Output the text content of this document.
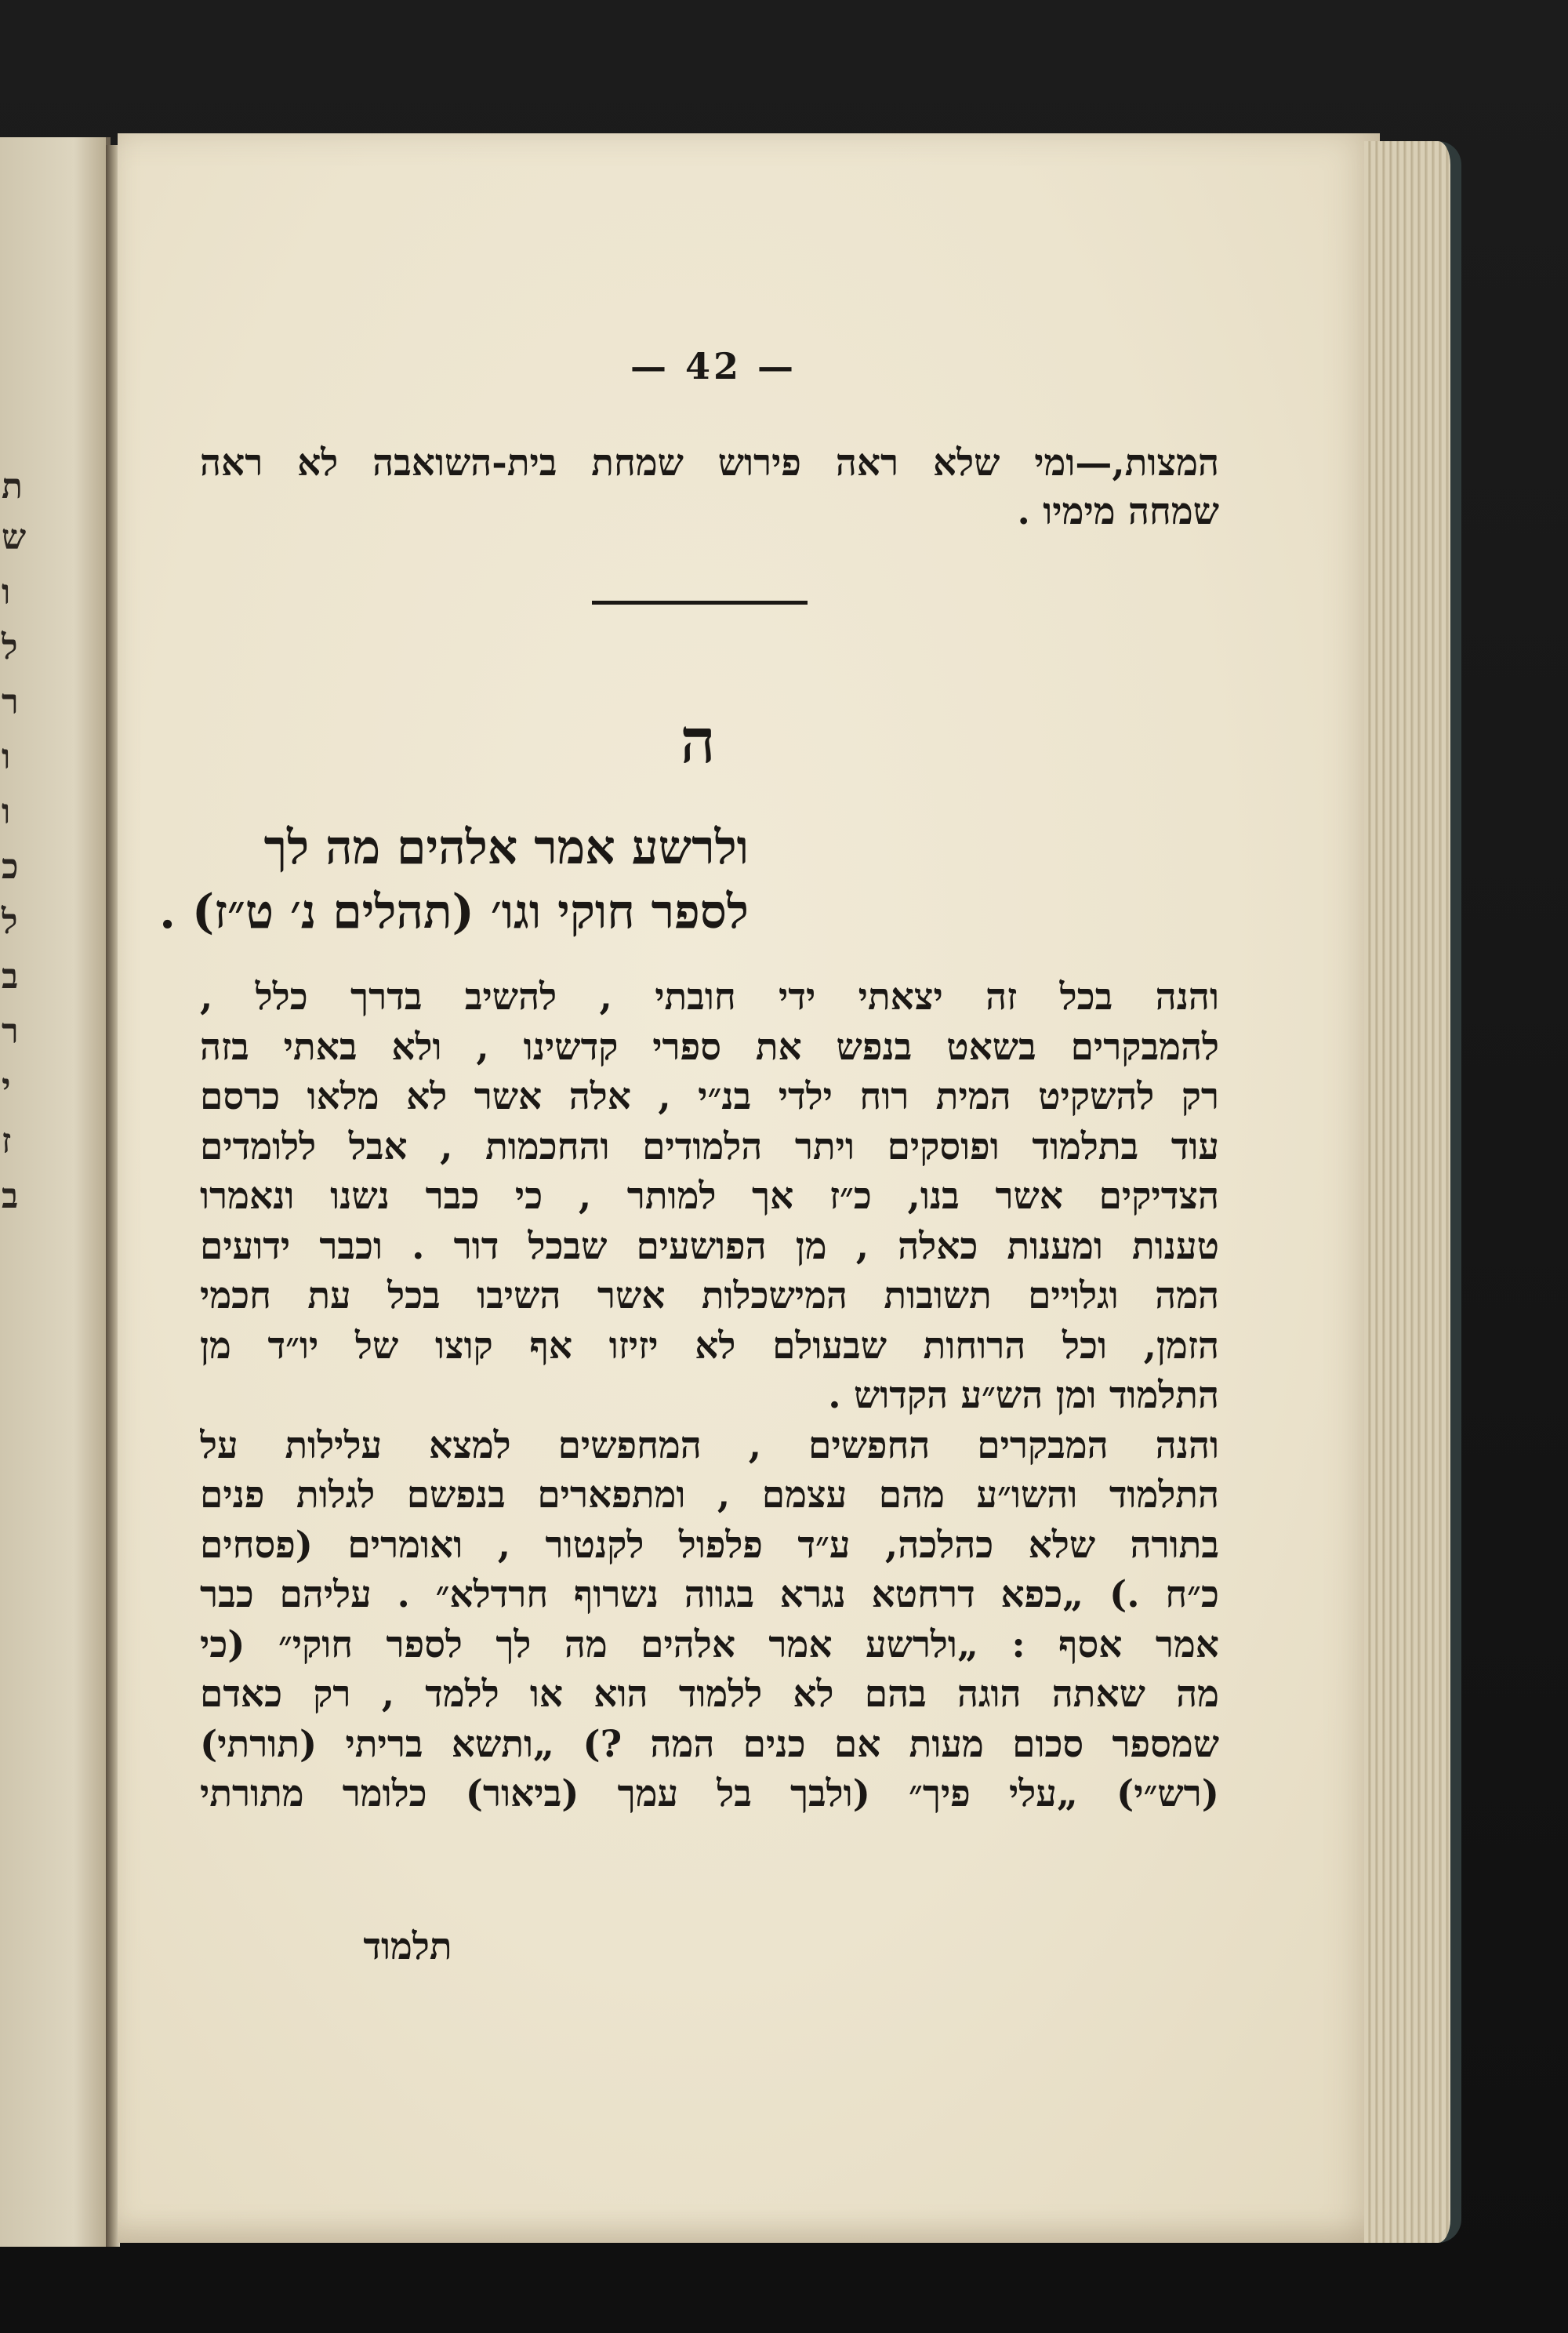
ת
ש
ו
ל
ר
ו
ו
כ
ל
ב
ר
י
ז
ב
— 42 —
המצות,—ומי שלא ראה פירוש שמחת בית-השואבה לא ראה
שמחה מימיו .
ה
ולרשע אמר אלהים מה לך
לספר חוקי וגו׳ (תהלים נ׳ ט״ז) .
והנה בכל זה יצאתי ידי חובתי , להשיב בדרך כלל ,
להמבקרים בשאט בנפש את ספרי קדשינו , ולא באתי בזה
רק להשקיט המית רוח ילדי בנ״י , אלה אשר לא מלאו כרסם
עוד בתלמוד ופוסקים ויתר הלמודים והחכמות , אבל ללומדים
הצדיקים אשר בנו, כ״ז אך למותר , כי כבר נשנו ונאמרו
טענות ומענות כאלה , מן הפושעים שבכל דור . וכבר ידועים
המה וגלויים תשובות המישכלות אשר השיבו בכל עת חכמי
הזמן, וכל הרוחות שבעולם לא יזיזו אף קוצו של יו״ד מן
התלמוד ומן הש״ע הקדוש .
והנה המבקרים החפשים , המחפשים למצא עלילות על
התלמוד והשו״ע מהם עצמם , ומתפארים בנפשם לגלות פנים
בתורה שלא כהלכה, ע״ד פלפול לקנטור , ואומרים (פסחים
כ״ח .) „כפא דרחטא נגרא בגווה נשרוף חרדלא״ . עליהם כבר
אמר אסף : „ולרשע אמר אלהים מה לך לספר חוקי״ (כי
מה שאתה הוגה בהם לא ללמוד הוא או ללמד , רק כאדם
שמספר סכום מעות אם כנים המה ?) „ותשא בריתי (תורתי)
(רש״י) „עלי פיך״ (ולבך בל עמך (ביאור) כלומר מתורתי
תלמוד
